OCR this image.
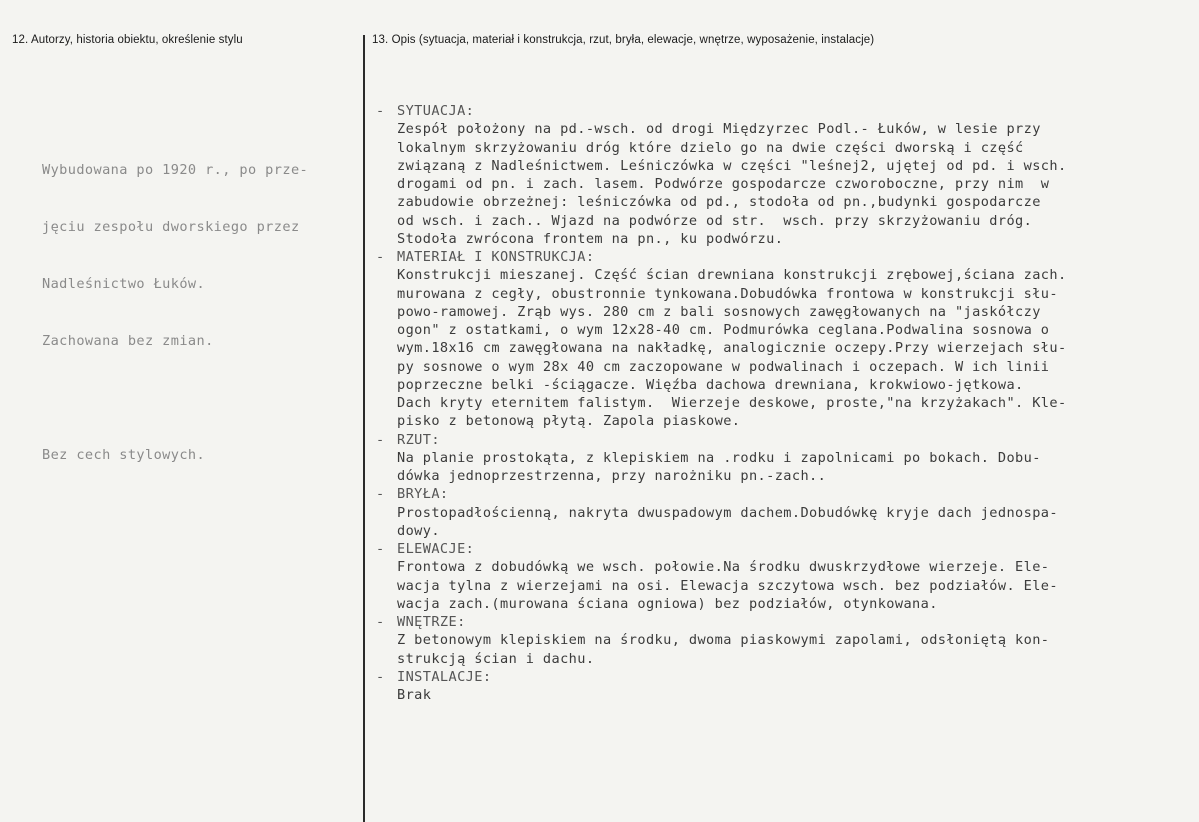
12. Autorzy, historia obiektu, określenie stylu	13. Opis (sytuacja, materiał i konstrukcja, rzut, bryła, elewacje, wnętrze, wyposażenie, instalacje)

Wybudowana po 1920 r., po prze-

jęciu zespołu dworskiego przez

Nadleśnictwo Łuków.

Zachowana bez zmian.

Bez cech stylowych.

- SYTUACJA:
Zespół położony na pd.-wsch. od drogi Międzyrzec Podl.- Łuków, w lesie przy
lokalnym skrzyżowaniu dróg które dzielo go na dwie części dworską i część
związaną z Nadleśnictwem. Leśniczówka w części "leśnej2, ujętej od pd. i wsch.
drogami od pn. i zach. lasem. Podwórze gospodarcze czworoboczne, przy nim  w
zabudowie obrzeżnej: leśniczówka od pd., stodoła od pn.,budynki gospodarcze
od wsch. i zach.. Wjazd na podwórze od str.  wsch. przy skrzyżowaniu dróg.
Stodoła zwrócona frontem na pn., ku podwórzu.
- MATERIAŁ I KONSTRUKCJA:
Konstrukcji mieszanej. Część ścian drewniana konstrukcji zrębowej,ściana zach.
murowana z cegły, obustronnie tynkowana.Dobudówka frontowa w konstrukcji słu-
powo-ramowej. Zrąb wys. 280 cm z bali sosnowych zawęgłowanych na "jaskółczy
ogon" z ostatkami, o wym 12x28-40 cm. Podmurówka ceglana.Podwalina sosnowa o
wym.18x16 cm zawęgłowana na nakładkę, analogicznie oczepy.Przy wierzejach słu-
py sosnowe o wym 28x 40 cm zaczopowane w podwalinach i oczepach. W ich linii
poprzeczne belki -ściągacze. Więźba dachowa drewniana, krokwiowo-jętkowa.
Dach kryty eternitem falistym.  Wierzeje deskowe, proste,"na krzyżakach". Kle-
pisko z betonową płytą. Zapola piaskowe.
- RZUT:
Na planie prostokąta, z klepiskiem na .rodku i zapolnicami po bokach. Dobu-
dówka jednoprzestrzenna, przy narożniku pn.-zach..
- BRYŁA:
Prostopadłościenną, nakryta dwuspadowym dachem.Dobudówkę kryje dach jednospa-
dowy.
- ELEWACJE:
Frontowa z dobudówką we wsch. połowie.Na środku dwuskrzydłowe wierzeje. Ele-
wacja tylna z wierzejami na osi. Elewacja szczytowa wsch. bez podziałów. Ele-
wacja zach.(murowana ściana ogniowa) bez podziałów, otynkowana.
- WNĘTRZE:
Z betonowym klepiskiem na środku, dwoma piaskowymi zapolami, odsłoniętą kon-
strukcją ścian i dachu.
- INSTALACJE:
Brak
